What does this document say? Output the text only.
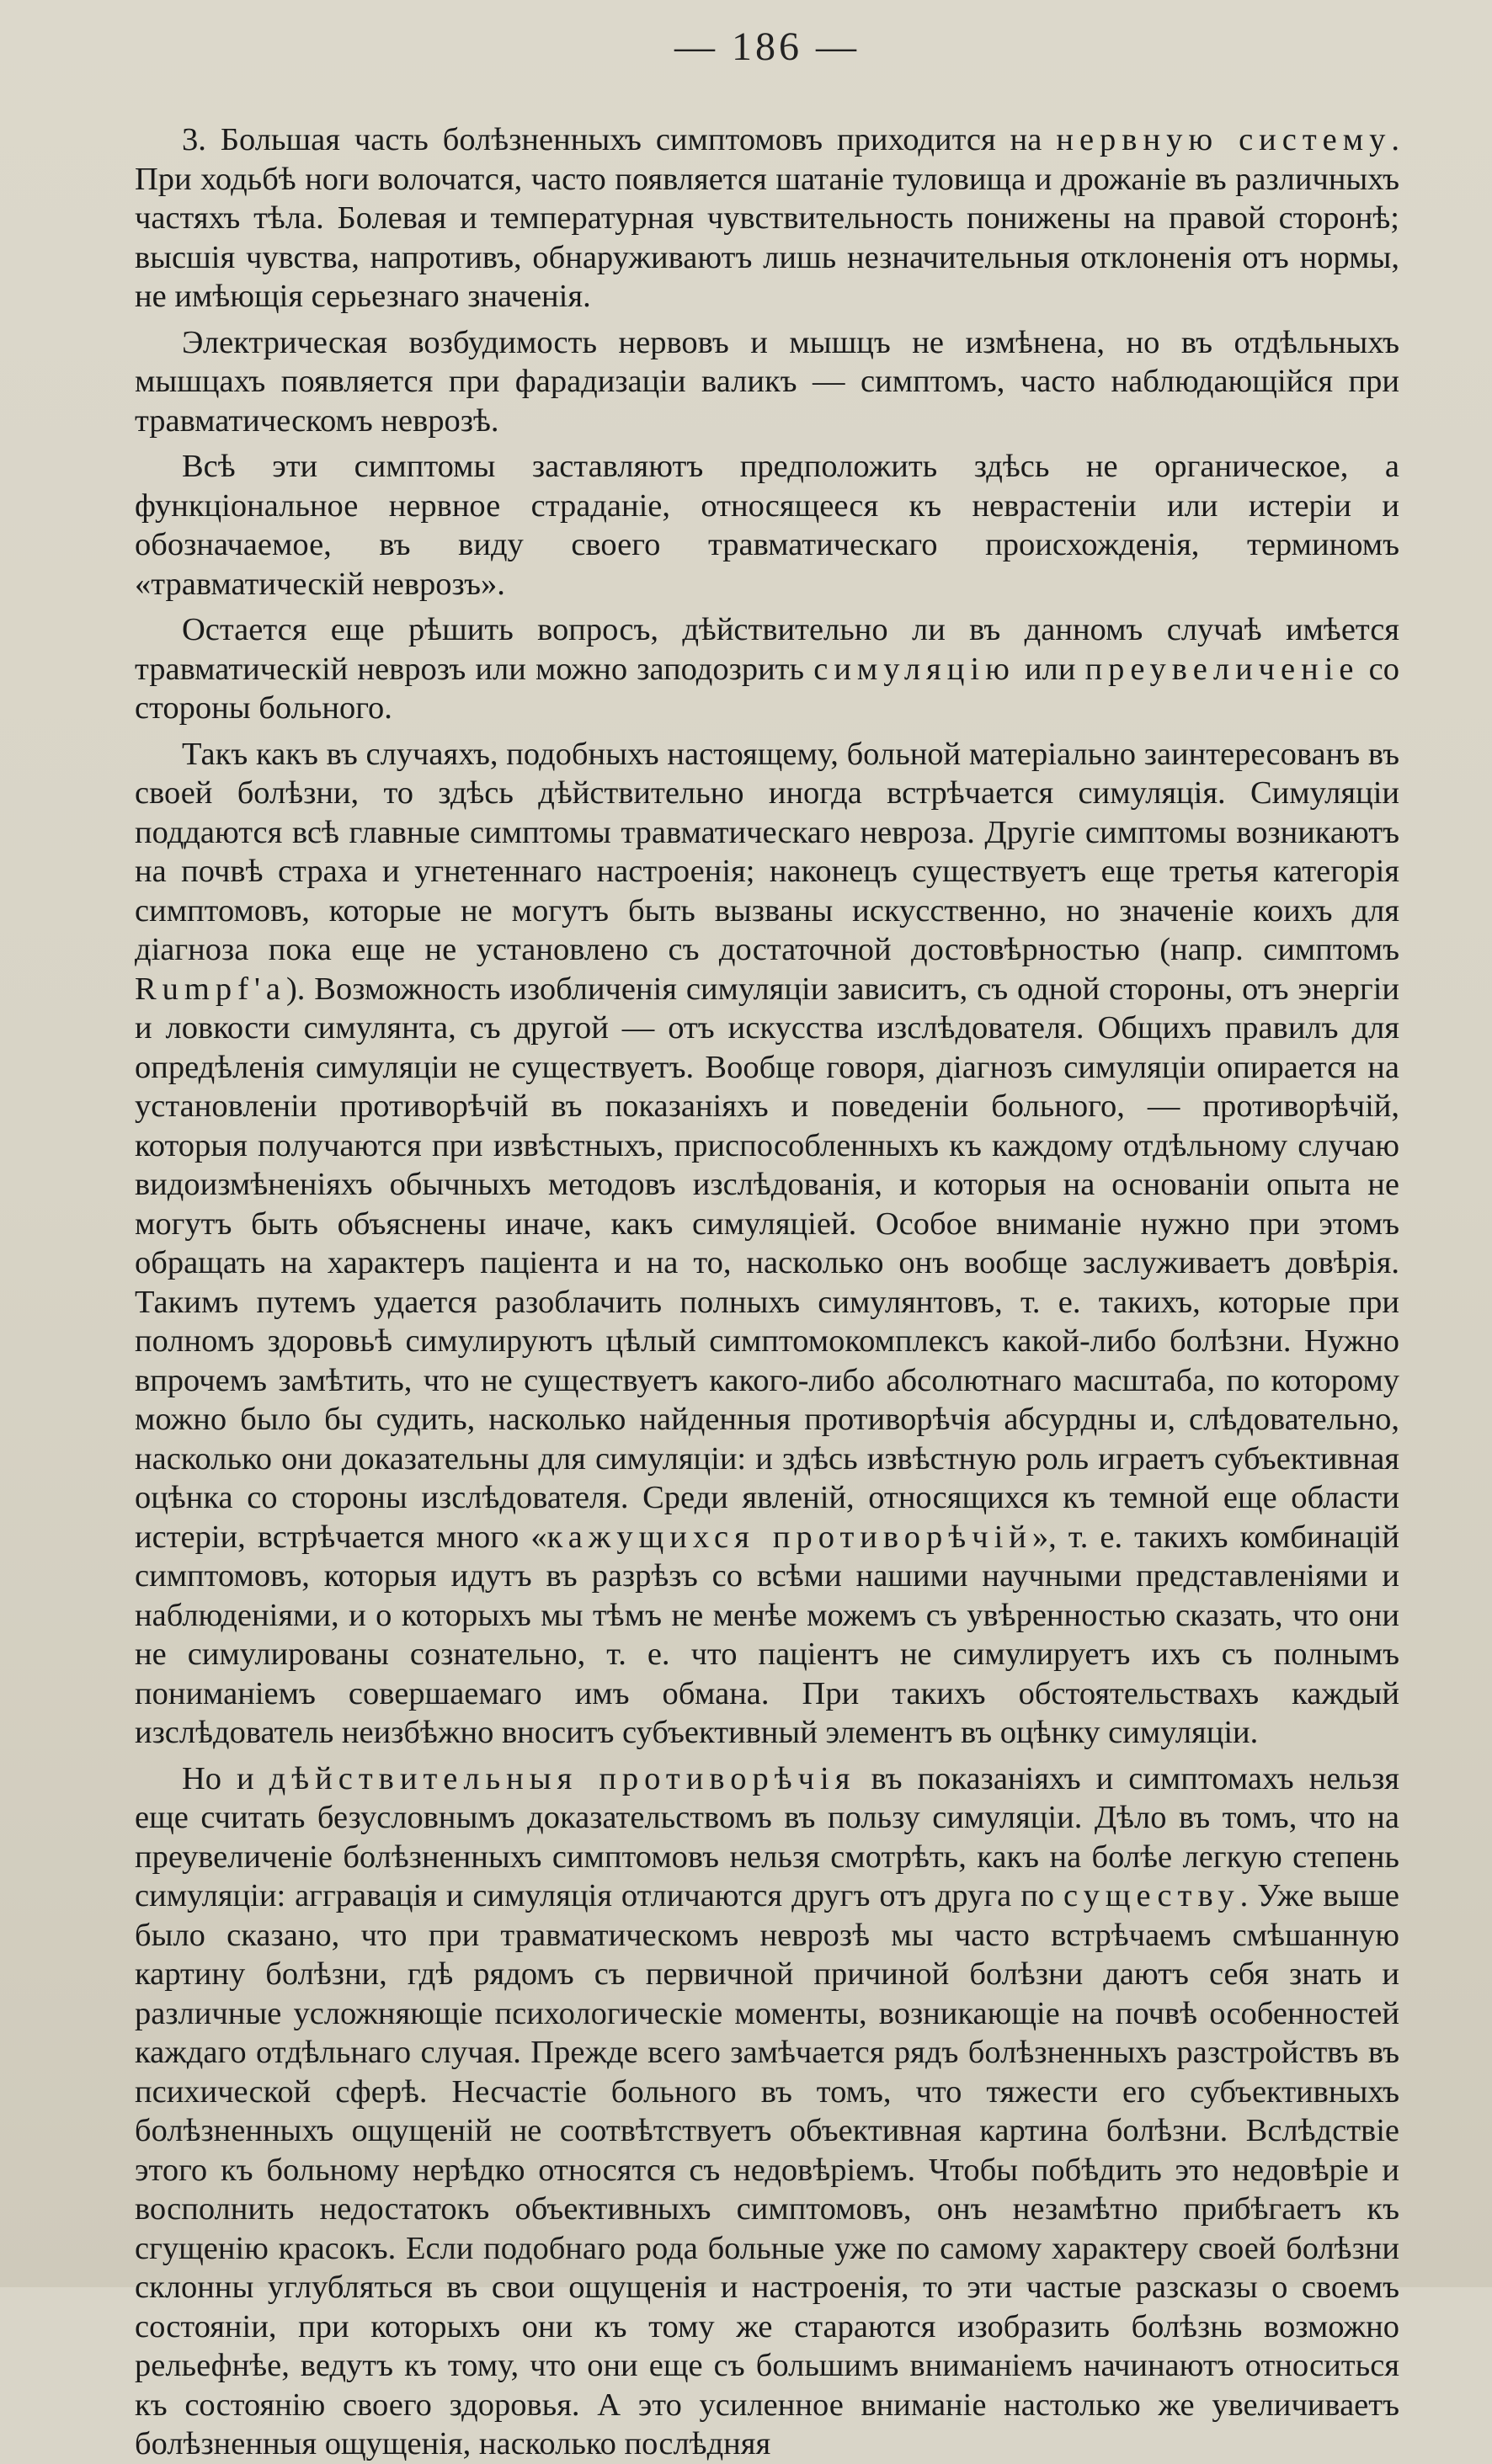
— 186 —

3. Большая часть болѣзненныхъ симптомовъ приходится на нервную систему. При ходьбѣ ноги волочатся, часто появляется шатаніе туловища и дрожаніе въ различныхъ частяхъ тѣла. Болевая и температурная чувствительность понижены на правой сторонѣ; высшія чувства, напротивъ, обнаруживаютъ лишь незначительныя отклоненія отъ нормы, не имѣющія серьезнаго значенія.

Электрическая возбудимость нервовъ и мышцъ не измѣнена, но въ отдѣльныхъ мышцахъ появляется при фарадизаціи валикъ — симптомъ, часто наблюдающійся при травматическомъ неврозѣ.

Всѣ эти симптомы заставляютъ предположить здѣсь не органическое, а функціональное нервное страданіе, относящееся къ неврастеніи или истеріи и обозначаемое, въ виду своего травматическаго происхожденія, терминомъ «травматическій неврозъ».

Остается еще рѣшить вопросъ, дѣйствительно ли въ данномъ случаѣ имѣется травматическій неврозъ или можно заподозрить симуляцію или преувеличеніе со стороны больного.

Такъ какъ въ случаяхъ, подобныхъ настоящему, больной матеріально заинтересованъ въ своей болѣзни, то здѣсь дѣйствительно иногда встрѣчается симуляція. Симуляціи поддаются всѣ главные симптомы травматическаго невроза. Другіе симптомы возникаютъ на почвѣ страха и угнетеннаго настроенія; наконецъ существуетъ еще третья категорія симптомовъ, которые не могутъ быть вызваны искусственно, но значеніе коихъ для діагноза пока еще не установлено съ достаточной достовѣрностью (напр. симптомъ Rumpf'a). Возможность изобличенія симуляціи зависитъ, съ одной стороны, отъ энергіи и ловкости симулянта, съ другой — отъ искусства изслѣдователя. Общихъ правилъ для опредѣленія симуляціи не существуетъ. Вообще говоря, діагнозъ симуляціи опирается на установленіи противорѣчій въ показаніяхъ и поведеніи больного, — противорѣчій, которыя получаются при извѣстныхъ, приспособленныхъ къ каждому отдѣльному случаю видоизмѣненіяхъ обычныхъ методовъ изслѣдованія, и которыя на основаніи опыта не могутъ быть объяснены иначе, какъ симуляціей. Особое вниманіе нужно при этомъ обращать на характеръ паціента и на то, насколько онъ вообще заслуживаетъ довѣрія. Такимъ путемъ удается разоблачить полныхъ симулянтовъ, т. е. такихъ, которые при полномъ здоровьѣ симулируютъ цѣлый симптомокомплексъ какой-либо болѣзни. Нужно впрочемъ замѣтить, что не существуетъ какого-либо абсолютнаго масштаба, по которому можно было бы судить, насколько найденныя противорѣчія абсурдны и, слѣдовательно, насколько они доказательны для симуляціи: и здѣсь извѣстную роль играетъ субъективная оцѣнка со стороны изслѣдователя. Среди явленій, относящихся къ темной еще области истеріи, встрѣчается много «кажущихся противорѣчій», т. е. такихъ комбинацій симптомовъ, которыя идутъ въ разрѣзъ со всѣми нашими научными представленіями и наблюденіями, и о которыхъ мы тѣмъ не менѣе можемъ съ увѣренностью сказать, что они не симулированы сознательно, т. е. что паціентъ не симулируетъ ихъ съ полнымъ пониманіемъ совершаемаго имъ обмана. При такихъ обстоятельствахъ каждый изслѣдователь неизбѣжно вноситъ субъективный элементъ въ оцѣнку симуляціи.

Но и дѣйствительныя противорѣчія въ показаніяхъ и симптомахъ нельзя еще считать безусловнымъ доказательствомъ въ пользу симуляціи. Дѣло въ томъ, что на преувеличеніе болѣзненныхъ симптомовъ нельзя смотрѣть, какъ на болѣе легкую степень симуляціи: аггравація и симуляція отличаются другъ отъ друга по существу. Уже выше было сказано, что при травматическомъ неврозѣ мы часто встрѣчаемъ смѣшанную картину болѣзни, гдѣ рядомъ съ первичной причиной болѣзни даютъ себя знать и различные усложняющіе психологическіе моменты, возникающіе на почвѣ особенностей каждаго отдѣльнаго случая. Прежде всего замѣчается рядъ болѣзненныхъ разстройствъ въ психической сферѣ. Несчастіе больного въ томъ, что тяжести его субъективныхъ болѣзненныхъ ощущеній не соотвѣтствуетъ объективная картина болѣзни. Вслѣдствіе этого къ больному нерѣдко относятся съ недовѣріемъ. Чтобы побѣдить это недовѣріе и восполнить недостатокъ объективныхъ симптомовъ, онъ незамѣтно прибѣгаетъ къ сгущенію красокъ. Если подобнаго рода больные уже по самому характеру своей болѣзни склонны углубляться въ свои ощущенія и настроенія, то эти частые разсказы о своемъ состояніи, при которыхъ они къ тому же стараются изобразить болѣзнь возможно рельефнѣе, ведутъ къ тому, что они еще съ большимъ вниманіемъ начинаютъ относиться къ состоянію своего здоровья. А это усиленное вниманіе настолько же увеличиваетъ болѣзненныя ощущенія, насколько послѣдняя
